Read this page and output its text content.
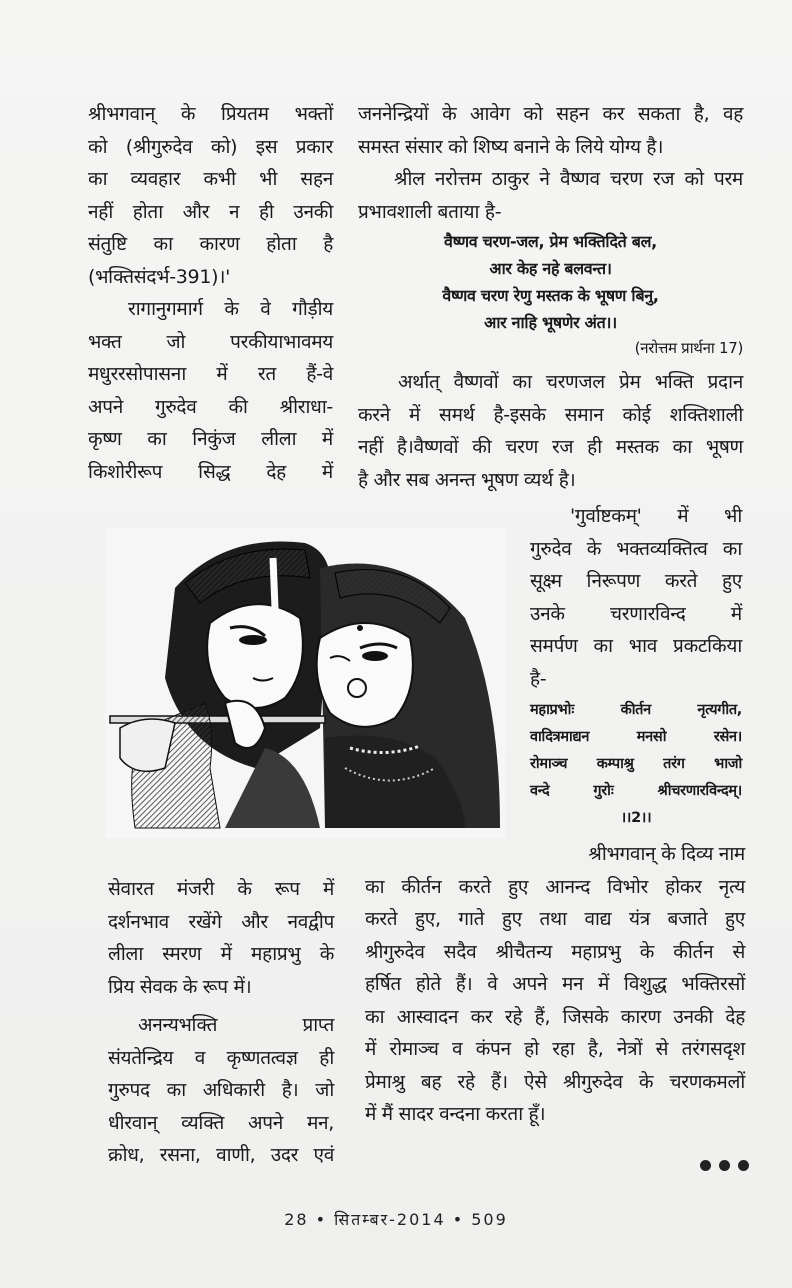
श्रीभगवान् के प्रियतम भक्तों

को (श्रीगुरुदेव को) इस प्रकार

का व्यवहार कभी भी सहन

नहीं होता और न ही उनकी

संतुष्टि का कारण होता है

(भक्तिसंदर्भ-391)।'

रागानुगमार्ग के वे गौड़ीय

भक्त जो परकीयाभावमय

मधुररसोपासना में रत हैं-वे

अपने गुरुदेव की श्रीराधा-

कृष्ण का निकुंज लीला में

किशोरीरूप सिद्ध देह में

जननेन्द्रियों के आवेग को सहन कर सकता है, वह

समस्त संसार को शिष्य बनाने के लिये योग्य है।

श्रील नरोत्तम ठाकुर ने वैष्णव चरण रज को परम

प्रभावशाली बताया है-

वैष्णव चरण-जल, प्रेम भक्तिदिते बल,

आर केह नहे बलवन्त।

वैष्णव चरण रेणु मस्तक के भूषण बिनु,

आर नाहि भूषणेर अंत।।

(नरोत्तम प्रार्थना 17)

अर्थात् वैष्णवों का चरणजल प्रेम भक्ति प्रदान

करने में समर्थ है-इसके समान कोई शक्तिशाली

नहीं है।वैष्णवों की चरण रज ही मस्तक का भूषण

है और सब अनन्त भूषण व्यर्थ है।

'गुर्वाष्टकम्' में भी

गुरुदेव के भक्तव्यक्तित्व का

सूक्ष्म निरूपण करते हुए

उनके चरणारविन्द में

समर्पण का भाव प्रकटकिया

है-

महाप्रभोः कीर्तन नृत्यगीत,

वादित्रमाद्यन मनसो रसेन।

रोमाञ्च कम्पाश्रु तरंग भाजो

वन्दे गुरोः श्रीचरणारविन्दम्।

।।2।।

सेवारत मंजरी के रूप में

दर्शनभाव रखेंगे और नवद्वीप

लीला स्मरण में महाप्रभु के

प्रिय सेवक के रूप में।

अनन्यभक्ति प्राप्त

संयतेन्द्रिय व कृष्णतत्वज्ञ ही

गुरुपद का अधिकारी है। जो

धीरवान् व्यक्ति अपने मन,

क्रोध, रसना, वाणी, उदर एवं

श्रीभगवान् के दिव्य नाम

का कीर्तन करते हुए आनन्द विभोर होकर नृत्य

करते हुए, गाते हुए तथा वाद्य यंत्र बजाते हुए

श्रीगुरुदेव सदैव श्रीचैतन्य महाप्रभु के कीर्तन से

हर्षित होते हैं। वे अपने मन में विशुद्ध भक्तिरसों

का आस्वादन कर रहे हैं, जिसके कारण उनकी देह

में रोमाञ्च व कंपन हो रहा है, नेत्रों से तरंगसदृश

प्रेमाश्रु बह रहे हैं। ऐसे श्रीगुरुदेव के चरणकमलों

में मैं सादर वन्दना करता हूँ।

28 • सितम्बर-2014 • 509
